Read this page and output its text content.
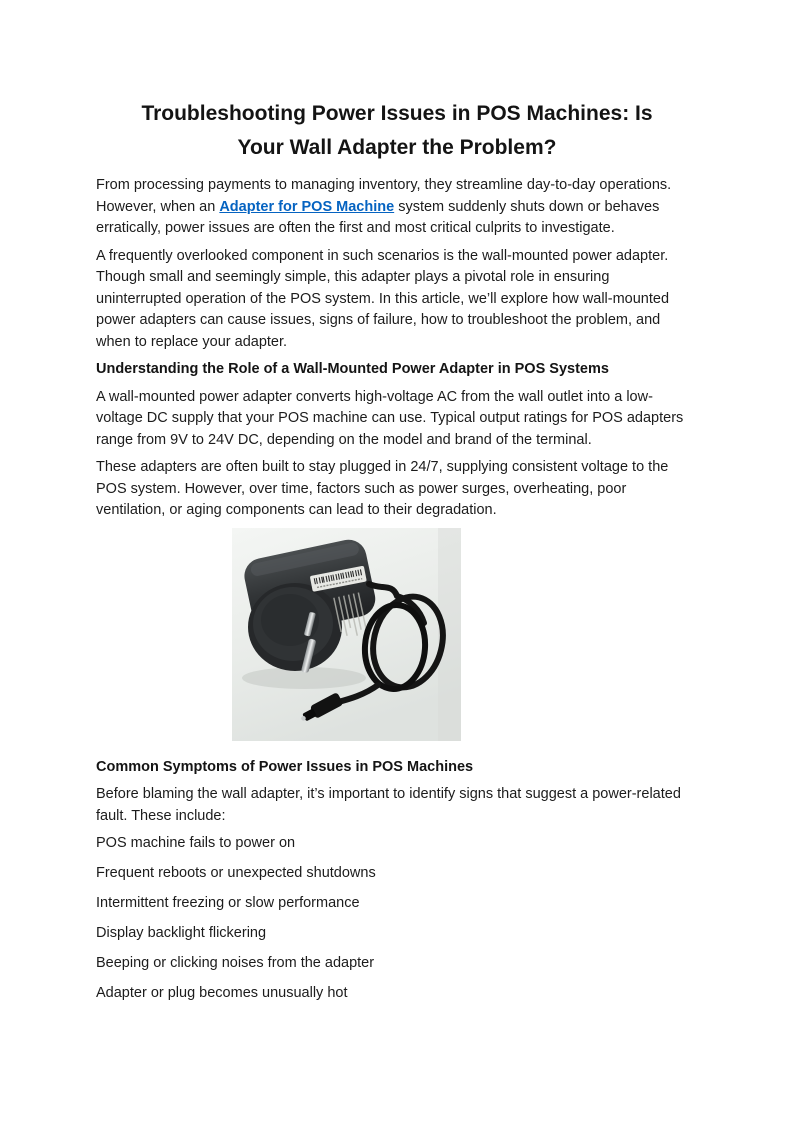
Troubleshooting Power Issues in POS Machines: Is
Your Wall Adapter the Problem?

From processing payments to managing inventory, they streamline day-to-day operations. However, when an Adapter for POS Machine system suddenly shuts down or behaves erratically, power issues are often the first and most critical culprits to investigate.

A frequently overlooked component in such scenarios is the wall-mounted power adapter. Though small and seemingly simple, this adapter plays a pivotal role in ensuring uninterrupted operation of the POS system. In this article, we’ll explore how wall-mounted power adapters can cause issues, signs of failure, how to troubleshoot the problem, and when to replace your adapter.

Understanding the Role of a Wall-Mounted Power Adapter in POS Systems

A wall-mounted power adapter converts high-voltage AC from the wall outlet into a low-voltage DC supply that your POS machine can use. Typical output ratings for POS adapters range from 9V to 24V DC, depending on the model and brand of the terminal.

These adapters are often built to stay plugged in 24/7, supplying consistent voltage to the POS system. However, over time, factors such as power surges, overheating, poor ventilation, or aging components can lead to their degradation.

Common Symptoms of Power Issues in POS Machines

Before blaming the wall adapter, it’s important to identify signs that suggest a power-related fault. These include:

POS machine fails to power on

Frequent reboots or unexpected shutdowns

Intermittent freezing or slow performance

Display backlight flickering

Beeping or clicking noises from the adapter

Adapter or plug becomes unusually hot
